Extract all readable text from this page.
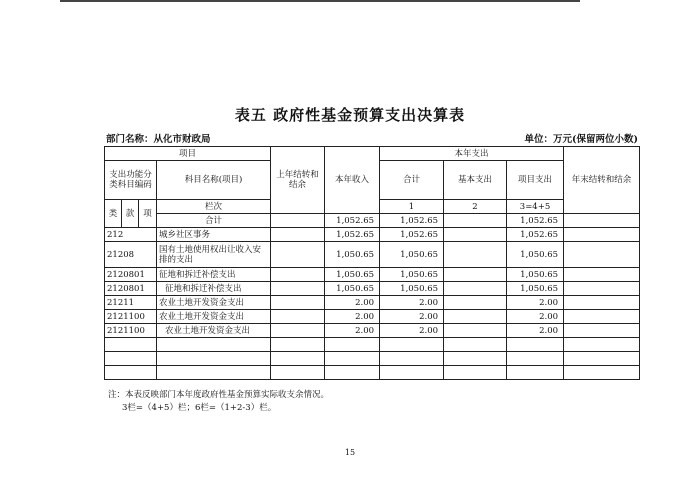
表五 政府性基金预算支出决算表
部门名称：从化市财政局	单位：万元(保留两位小数)
项目				上年结转和结余	本年收入	本年支出			年末结转和结余	
支出功能分类科目编码			科目名称(项目)			合计	基本支出	项目支出		
类	款	项	栏次			1	2	3=4+5			
			合计		1,052.65	1,052.65		1,052.65		
212			城乡社区事务		1,052.65	1,052.65		1,052.65		
21208			国有土地使用权出让收入安排的支出		1,050.65	1,050.65		1,050.65		
2120801			征地和拆迁补偿支出		1,050.65	1,050.65		1,050.65		
2120801			征地和拆迁补偿支出		1,050.65	1,050.65		1,050.65		
21211			农业土地开发资金支出		2.00	2.00		2.00		
2121100			农业土地开发资金支出		2.00	2.00		2.00		
2121100			农业土地开发资金支出		2.00	2.00		2.00		

注：本表反映部门本年度政府性基金预算实际收支余情况。
3栏=（4+5）栏；6栏=（1+2-3）栏。
15
